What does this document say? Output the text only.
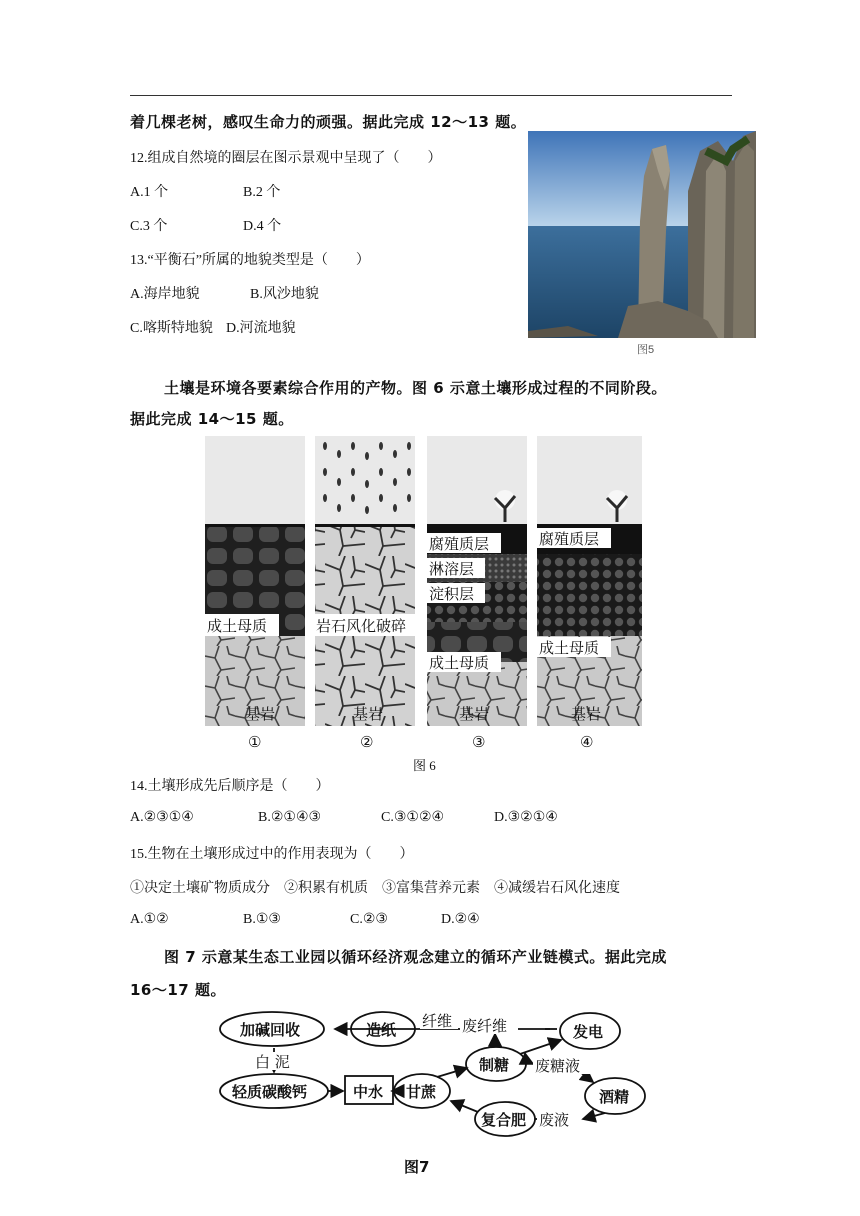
着几棵老树，感叹生命力的顽强。据此完成 12～13 题。
12.组成自然境的圈层在图示景观中呈现了（　　）
A.1 个	B.2 个
C.3 个	D.4 个
13.“平衡石”所属的地貌类型是（　　）
A.海岸地貌	B.风沙地貌
C.喀斯特地貌 D.河流地貌
图5
土壤是环境各要素综合作用的产物。图 6 示意土壤形成过程的不同阶段。
据此完成 14～15 题。
成土母质
基岩
岩石风化破碎
基岩
腐殖质层
淋溶层
淀积层
成土母质
基岩
腐殖质层
成土母质
基岩
①	②	③	④
图 6
14.土壤形成先后顺序是（　　）
A.②③①④	B.②①④③	C.③①②④	D.③②①④
15.生物在土壤形成过中的作用表现为（　　）
①决定土壤矿物质成分　②积累有机质　③富集营养元素　④减缓岩石风化速度
A.①②	B.①③	C.②③	D.②④
图 7 示意某生态工业园以循环经济观念建立的循环产业链模式。据此完成
16～17 题。
加碱回收	造纸	发电
制糖
轻质碳酸钙	中水 甘蔗	酒精
复合肥
纤维 废纤维
白 泥	废糖液
废液
图7
